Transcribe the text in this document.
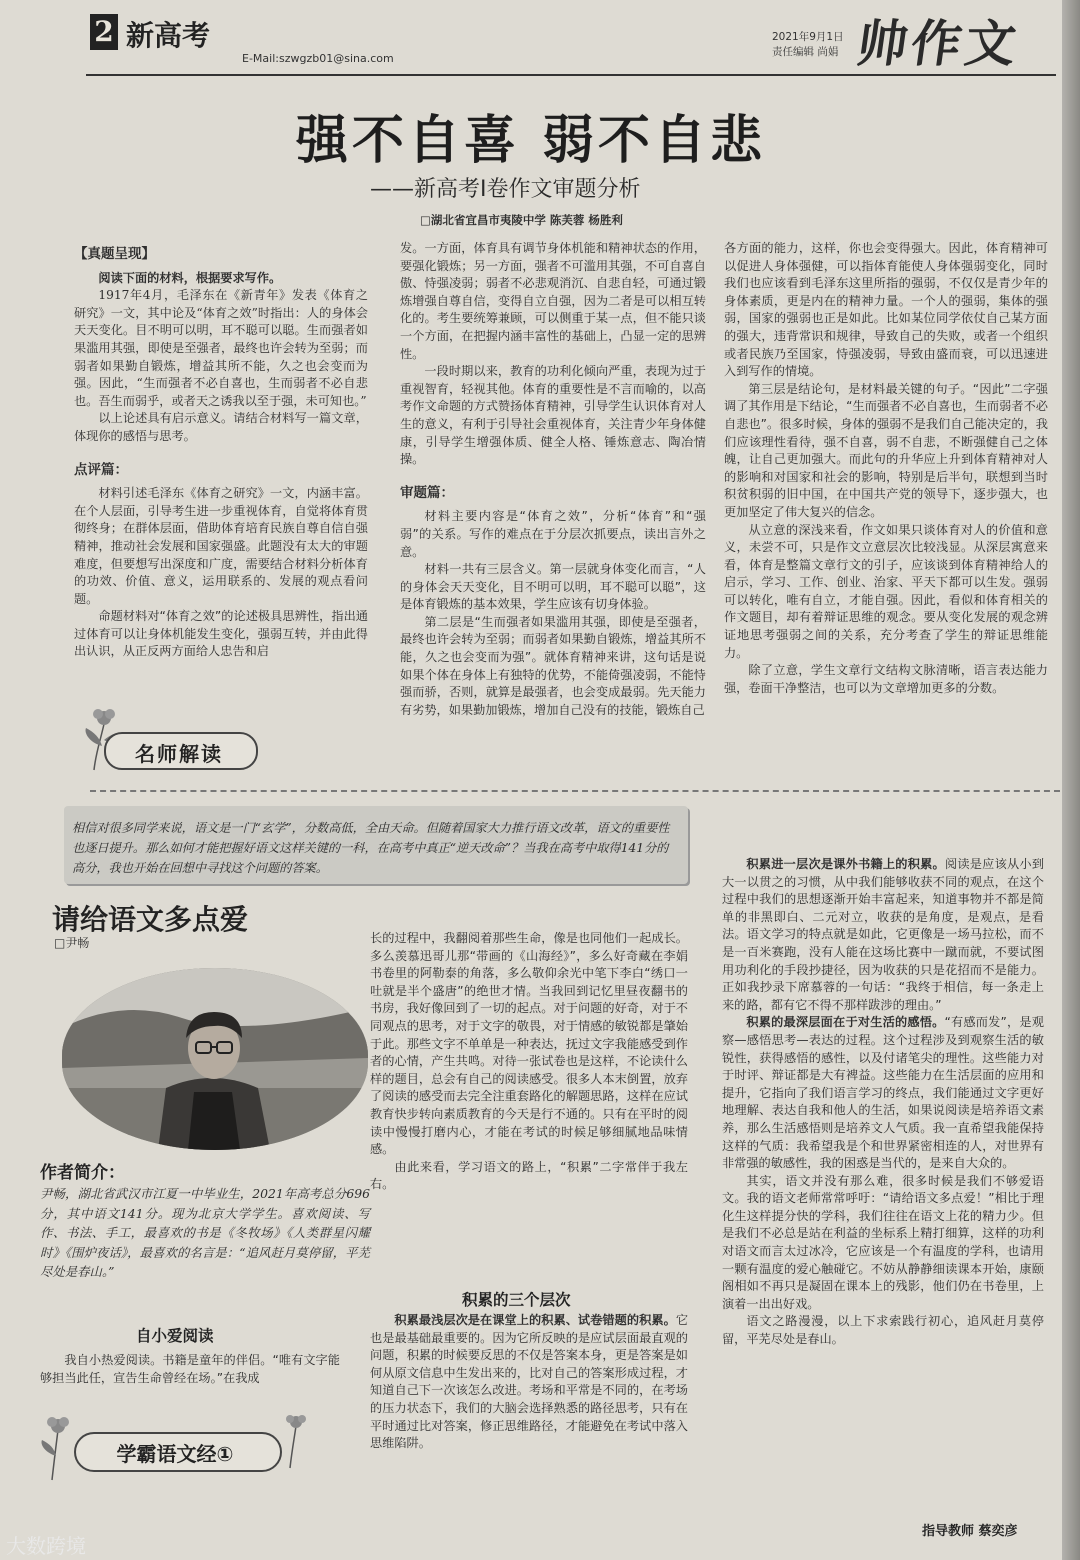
2 新高考
E-Mail:szwgzb01@sina.com
2021年9月1日
责任编辑 尚娟 帅作文
强不自喜 弱不自悲
——新高考Ⅰ卷作文审题分析
□湖北省宜昌市夷陵中学 陈芙蓉 杨胜利

【真题呈现】

阅读下面的材料，根据要求写作。

1917年4月，毛泽东在《新青年》发表《体育之研究》一文，其中论及“体育之效”时指出：人的身体会天天变化。目不明可以明，耳不聪可以聪。生而强者如果滥用其强，即使是至强者，最终也许会转为至弱；而弱者如果勤自锻炼，增益其所不能，久之也会变而为强。因此，“生而强者不必自喜也，生而弱者不必自悲也。吾生而弱乎，或者天之诱我以至于强，未可知也。”

以上论述具有启示意义。请结合材料写一篇文章，体现你的感悟与思考。

点评篇：

材料引述毛泽东《体育之研究》一文，内涵丰富。在个人层面，引导考生进一步重视体育，自觉将体育贯彻终身；在群体层面，借助体育培育民族自尊自信自强精神，推动社会发展和国家强盛。此题没有太大的审题难度，但要想写出深度和广度，需要结合材料分析体育的功效、价值、意义，运用联系的、发展的观点看问题。

命题材料对“体育之效”的论述极具思辨性，指出通过体育可以让身体机能发生变化，强弱互转，并由此得出认识，从正反两方面给人忠告和启

名师解读

发。一方面，体育具有调节身体机能和精神状态的作用，要强化锻炼；另一方面，强者不可滥用其强，不可自喜自傲、恃强凌弱；弱者不必悲观消沉、自悲自轻，可通过锻炼增强自尊自信，变得自立自强，因为二者是可以相互转化的。考生要统筹兼顾，可以侧重于某一点，但不能只谈一个方面，在把握内涵丰富性的基础上，凸显一定的思辨性。

一段时期以来，教育的功利化倾向严重，表现为过于重视智育，轻视其他。体育的重要性是不言而喻的，以高考作文命题的方式赞扬体育精神，引导学生认识体育对人生的意义，有利于引导社会重视体育，关注青少年身体健康，引导学生增强体质、健全人格、锤炼意志、陶冶情操。

审题篇：

材料主要内容是“体育之效”，分析“体育”和“强弱”的关系。写作的难点在于分层次抓要点，读出言外之意。

材料一共有三层含义。第一层就身体变化而言，“人的身体会天天变化，目不明可以明，耳不聪可以聪”，这是体育锻炼的基本效果，学生应该有切身体验。

第二层是“生而强者如果滥用其强，即使是至强者，最终也许会转为至弱；而弱者如果勤自锻炼，增益其所不能，久之也会变而为强”。就体育精神来讲，这句话是说如果个体在身体上有独特的优势，不能倚强凌弱，不能恃强而骄，否则，就算是最强者，也会变成最弱。先天能力有劣势，如果勤加锻炼，增加自己没有的技能，锻炼自己

各方面的能力，这样，你也会变得强大。因此，体育精神可以促进人身体强健，可以指体育能使人身体强弱变化，同时我们也应该看到毛泽东这里所指的强弱，不仅仅是青少年的身体素质，更是内在的精神力量。一个人的强弱，集体的强弱，国家的强弱也正是如此。比如某位同学依仗自己某方面的强大，违背常识和规律，导致自己的失败，或者一个组织或者民族乃至国家，恃强凌弱，导致由盛而衰，可以迅速进入到写作的情境。

第三层是结论句，是材料最关键的句子。“因此”二字强调了其作用是下结论，“生而强者不必自喜也，生而弱者不必自悲也”。很多时候，身体的强弱不是我们自己能决定的，我们应该理性看待，强不自喜，弱不自悲，不断强健自己之体魄，让自己更加强大。而此句的升华应上升到体育精神对人的影响和对国家和社会的影响，特别是后半句，联想到当时积贫积弱的旧中国，在中国共产党的领导下，逐步强大，也更加坚定了伟大复兴的信念。

从立意的深浅来看，作文如果只谈体育对人的价值和意义，未尝不可，只是作文立意层次比较浅显。从深层寓意来看，体育是整篇文章行文的引子，应该谈到体育精神给人的启示，学习、工作、创业、治家、平天下都可以生发。强弱可以转化，唯有自立，才能自强。因此，看似和体育相关的作文题目，却有着辩证思维的观念。要从变化发展的观念辨证地思考强弱之间的关系，充分考查了学生的辩证思维能力。

除了立意，学生文章行文结构文脉清晰，语言表达能力强，卷面干净整洁，也可以为文章增加更多的分数。

相信对很多同学来说，语文是一门“玄学”，分数高低，全由天命。但随着国家大力推行语文改革，语文的重要性也逐日提升。那么如何才能把握好语文这样关键的一科，在高考中真正“逆天改命”？当我在高考中取得141分的高分，我也开始在回想中寻找这个问题的答案。
请给语文多点爱
□尹畅
作者简介：
尹畅，湖北省武汉市江夏一中毕业生，2021年高考总分696分，其中语文141分。现为北京大学学生。喜欢阅读、写作、书法、手工，最喜欢的书是《冬牧场》《人类群星闪耀时》《围炉夜话》，最喜欢的名言是：“追风赶月莫停留，平芜尽处是春山。”
自小爱阅读

我自小热爱阅读。书籍是童年的伴侣。“唯有文字能够担当此任，宣告生命曾经在场。”在我成

学霸语文经①

长的过程中，我翻阅着那些生命，像是也同他们一起成长。多么羡慕迅哥儿那“带画的《山海经》”，多么好奇藏在李娟书卷里的阿勒泰的角落，多么敬仰余光中笔下李白“绣口一吐就是半个盛唐”的绝世才情。当我回到记忆里昼夜翻书的书房，我好像回到了一切的起点。对于问题的好奇，对于不同观点的思考，对于文字的敬畏，对于情感的敏锐都是肇始于此。那些文字不单单是一种表达，抚过文字我能感受到作者的心情，产生共鸣。对待一张试卷也是这样，不论读什么样的题目，总会有自己的阅读感受。很多人本末倒置，放弃了阅读的感受而去完全注重套路化的解题思路，这样在应试教育快步转向素质教育的今天是行不通的。只有在平时的阅读中慢慢打磨内心，才能在考试的时候足够细腻地品味情感。

由此来看，学习语文的路上，“积累”二字常伴于我左右。

积累的三个层次

积累最浅层次是在课堂上的积累、试卷错题的积累。它也是最基础最重要的。因为它所反映的是应试层面最直观的问题，积累的时候要反思的不仅是答案本身，更是答案是如何从原文信息中生发出来的，比对自己的答案形成过程，才知道自己下一次该怎么改进。考场和平常是不同的，在考场的压力状态下，我们的大脑会选择熟悉的路径思考，只有在平时通过比对答案，修正思维路径，才能避免在考试中落入思维陷阱。

积累进一层次是课外书籍上的积累。阅读是应该从小到大一以贯之的习惯，从中我们能够收获不同的观点，在这个过程中我们的思想逐渐开始丰富起来，知道事物并不都是简单的非黑即白、二元对立，收获的是角度，是观点，是看法。语文学习的特点就是如此，它更像是一场马拉松，而不是一百米赛跑，没有人能在这场比赛中一蹴而就，不要试图用功利化的手段抄捷径，因为收获的只是花招而不是能力。正如我抄录下席慕蓉的一句话：“我终于相信，每一条走上来的路，都有它不得不那样跋涉的理由。”

积累的最深层面在于对生活的感悟。“有感而发”，是观察—感悟思考—表达的过程。这个过程涉及到观察生活的敏锐性，获得感悟的感性，以及付诸笔尖的理性。这些能力对于时评、辩证都是大有裨益。这些能力在生活层面的应用和提升，它指向了我们语言学习的终点，我们能通过文字更好地理解、表达自我和他人的生活，如果说阅读是培养语文素养，那么生活感悟则是培养文人气质。我一直希望我能保持这样的气质：我希望我是个和世界紧密相连的人，对世界有非常强的敏感性，我的困惑是当代的，是来自大众的。

其实，语文并没有那么难，很多时候是我们不够爱语文。我的语文老师常常呼吁：“请给语文多点爱！”相比于理化生这样提分快的学科，我们往往在语文上花的精力少。但是我们不必总是站在利益的坐标系上精打细算，这样的功利对语文而言太过冰冷，它应该是一个有温度的学科，也请用一颗有温度的爱心触碰它。不妨从静静细读课本开始，康颐阁相如不再只是凝固在课本上的残影，他们仍在书卷里，上演着一出出好戏。

语文之路漫漫，以上下求索践行初心，追风赶月莫停留，平芜尽处是春山。

指导教师 蔡奕彦
大数跨境
